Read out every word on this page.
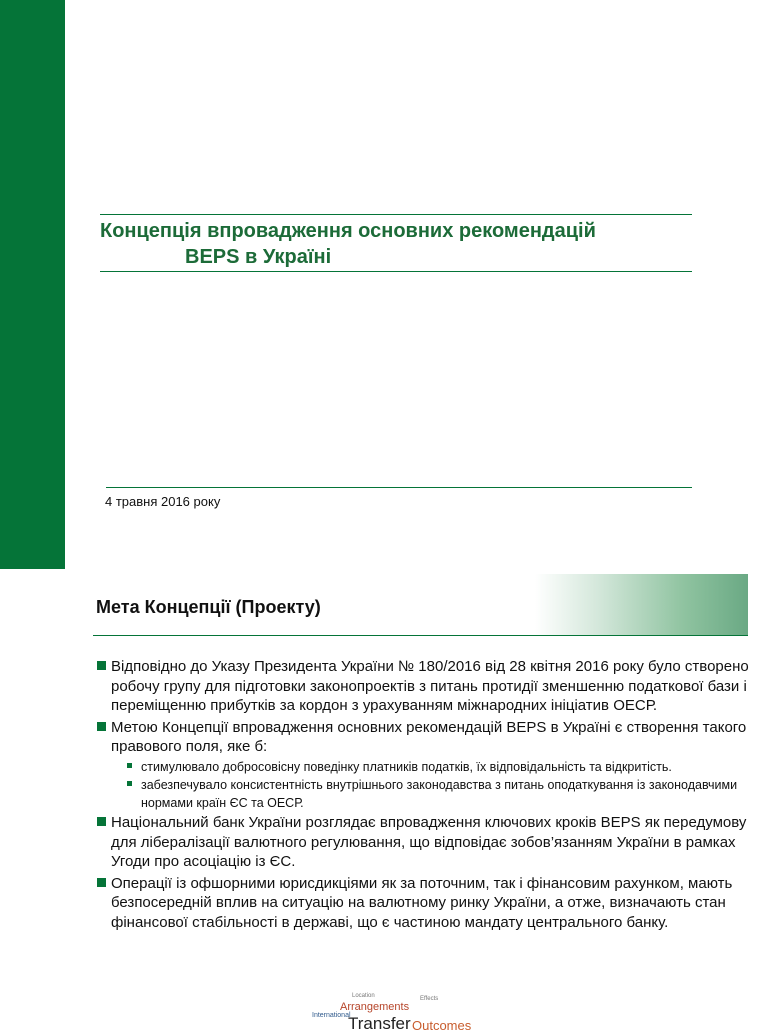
Концепція впровадження основних рекомендацій
BEPS в Україні
4 травня 2016 року
Мета Концепції (Проекту)
Відповідно до Указу Президента України № 180/2016 від 28 квітня 2016 року було створено робочу групу для підготовки законопроектів з питань протидії зменшенню податкової бази і переміщенню прибутків за кордон з урахуванням міжнародних ініціатив ОЕСР.
Метою Концепції впровадження основних рекомендацій BEPS в Україні є створення такого правового поля, яке б:
стимулювало добросовісну поведінку платників податків, їх відповідальність та відкритість.
забезпечувало консистентність внутрішнього законодавства з питань оподаткування із законодавчими нормами країн ЄС та ОЕСР.
Національний банк України розглядає впровадження ключових кроків BEPS як передумову для лібералізації валютного регулювання, що відповідає зобов’язанням України в рамках Угоди про асоціацію із ЄС.
Операції із офшорними юрисдикціями як за поточним, так і фінансовим рахунком, мають безпосередній вплив на ситуацію на валютному ринку України, а отже, визначають стан фінансової стабільності в державі, що є частиною мандату центрального банку.
Arrangements
Transfer Outcomes
International
Location	Effects
